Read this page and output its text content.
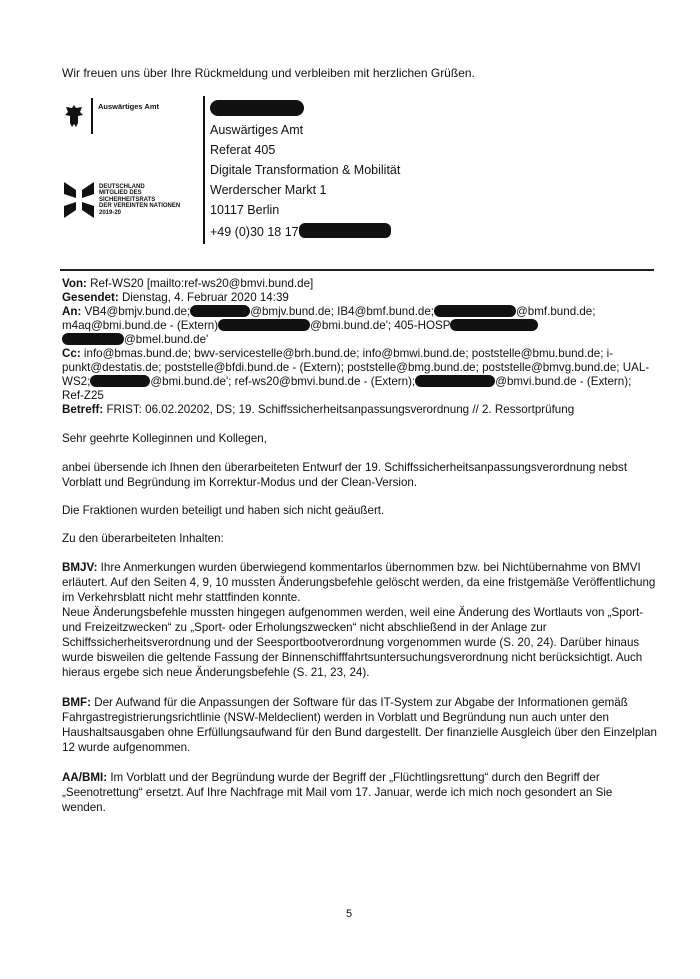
Wir freuen uns über Ihre Rückmeldung und verbleiben mit herzlichen Grüßen.
Auswärtiges Amt
DEUTSCHLAND
MITGLIED DES
SICHERHEITSRATS
DER VEREINTEN NATIONEN
2019-20
Auswärtiges Amt
Referat 405
Digitale Transformation & Mobilität
Werderscher Markt 1
10117 Berlin
+49 (0)30 18 17
Von: Ref-WS20 [mailto:ref-ws20@bmvi.bund.de]
Gesendet: Dienstag, 4. Februar 2020 14:39
An: VB4@bmjv.bund.de;	@bmjv.bund.de; IB4@bmf.bund.de;	@bmf.bund.de;
m4aq@bmi.bund.de - (Extern)	@bmi.bund.de'; 405-HOSP
@bmel.bund.de'
Cc: info@bmas.bund.de; bwv-servicestelle@brh.bund.de; info@bmwi.bund.de; poststelle@bmu.bund.de; i-
punkt@destatis.de; poststelle@bfdi.bund.de - (Extern); poststelle@bmg.bund.de; poststelle@bmvg.bund.de; UAL-
WS2;	@bmi.bund.de'; ref-ws20@bmvi.bund.de - (Extern);	@bmvi.bund.de - (Extern);
Ref-Z25
Betreff: FRIST: 06.02.20202, DS; 19. Schiffssicherheitsanpassungsverordnung // 2. Ressortprüfung
Sehr geehrte Kolleginnen und Kollegen,
anbei übersende ich Ihnen den überarbeiteten Entwurf der 19. Schiffssicherheitsanpassungsverordnung nebst
Vorblatt und Begründung im Korrektur-Modus und der Clean-Version.
Die Fraktionen wurden beteiligt und haben sich nicht geäußert.
Zu den überarbeiteten Inhalten:
BMJV: Ihre Anmerkungen wurden überwiegend kommentarlos übernommen bzw. bei Nichtübernahme von BMVI
erläutert. Auf den Seiten 4, 9, 10 mussten Änderungsbefehle gelöscht werden, da eine fristgemäße Veröffentlichung
im Verkehrsblatt nicht mehr stattfinden konnte.
Neue Änderungsbefehle mussten hingegen aufgenommen werden, weil eine Änderung des Wortlauts von „Sport-
und Freizeitzwecken“ zu „Sport- oder Erholungszwecken“ nicht abschließend in der Anlage zur
Schiffssicherheitsverordnung und der Seesportbootverordnung vorgenommen wurde (S. 20, 24). Darüber hinaus
wurde bisweilen die geltende Fassung der Binnenschifffahrtsuntersuchungsverordnung nicht berücksichtigt. Auch
hieraus ergebe sich neue Änderungsbefehle (S. 21, 23, 24).
BMF: Der Aufwand für die Anpassungen der Software für das IT-System zur Abgabe der Informationen gemäß
Fahrgastregistrierungsrichtlinie (NSW-Meldeclient) werden in Vorblatt und Begründung nun auch unter den
Haushaltsausgaben ohne Erfüllungsaufwand für den Bund dargestellt. Der finanzielle Ausgleich über den Einzelplan
12 wurde aufgenommen.
AA/BMI: Im Vorblatt und der Begründung wurde der Begriff der „Flüchtlingsrettung“ durch den Begriff der
„Seenotrettung“ ersetzt. Auf Ihre Nachfrage mit Mail vom 17. Januar, werde ich mich noch gesondert an Sie
wenden.
5
